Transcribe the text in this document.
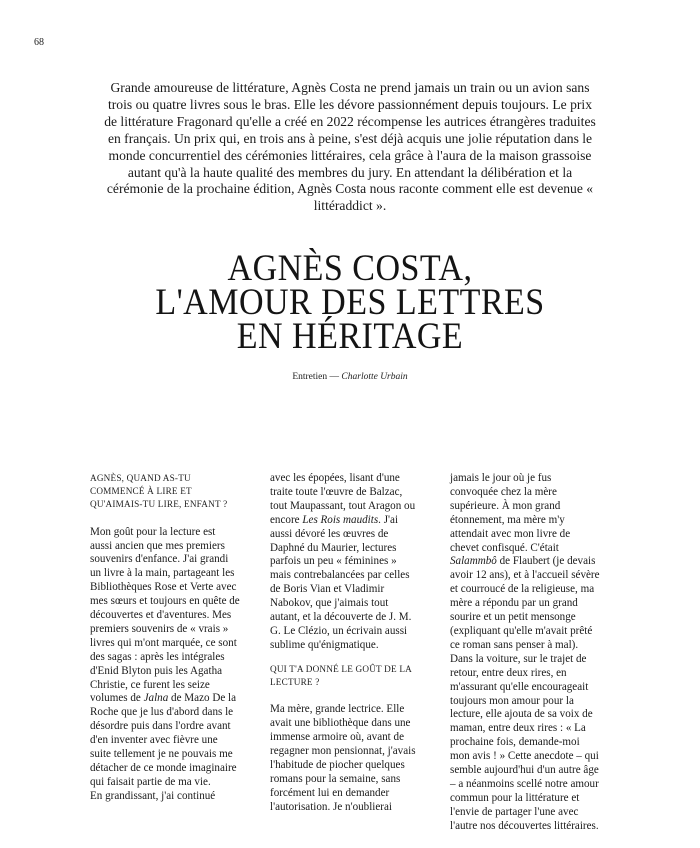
68

Grande amoureuse de littérature, Agnès Costa ne prend jamais un train ou un avion sans trois ou quatre livres sous le bras. Elle les dévore passionnément depuis toujours. Le prix de littérature Fragonard qu'elle a créé en 2022 récompense les autrices étrangères traduites en français. Un prix qui, en trois ans à peine, s'est déjà acquis une jolie réputation dans le monde concurrentiel des cérémonies littéraires, cela grâce à l'aura de la maison grassoise autant qu'à la haute qualité des membres du jury. En attendant la délibération et la cérémonie de la prochaine édition, Agnès Costa nous raconte comment elle est devenue « littéraddict ».

AGNÈS COSTA,
L'AMOUR DES LETTRES
EN HÉRITAGE
Entretien — Charlotte Urbain

AGNÈS, QUAND AS-TU COMMENCÉ À LIRE ET QU'AIMAIS-TU LIRE, ENFANT ?

Mon goût pour la lecture est aussi ancien que mes premiers souvenirs d'enfance. J'ai grandi un livre à la main, partageant les Bibliothèques Rose et Verte avec mes sœurs et toujours en quête de découvertes et d'aventures. Mes premiers souvenirs de « vrais » livres qui m'ont marquée, ce sont des sagas : après les intégrales d'Enid Blyton puis les Agatha Christie, ce furent les seize volumes de Jalna de Mazo De la Roche que je lus d'abord dans le désordre puis dans l'ordre avant d'en inventer avec fièvre une suite tellement je ne pouvais me détacher de ce monde imaginaire qui faisait partie de ma vie.

En grandissant, j'ai continué

avec les épopées, lisant d'une traite toute l'œuvre de Balzac, tout Maupassant, tout Aragon ou encore Les Rois maudits. J'ai aussi dévoré les œuvres de Daphné du Maurier, lectures parfois un peu « féminines » mais contrebalancées par celles de Boris Vian et Vladimir Nabokov, que j'aimais tout autant, et la découverte de J. M. G. Le Clézio, un écrivain aussi sublime qu'énigmatique.

QUI T'A DONNÉ LE GOÛT DE LA LECTURE ?

Ma mère, grande lectrice. Elle avait une bibliothèque dans une immense armoire où, avant de regagner mon pensionnat, j'avais l'habitude de piocher quelques romans pour la semaine, sans forcément lui en demander l'autorisation. Je n'oublierai

jamais le jour où je fus convoquée chez la mère supérieure. À mon grand étonnement, ma mère m'y attendait avec mon livre de chevet confisqué. C'était Salammbô de Flaubert (je devais avoir 12 ans), et à l'accueil sévère et courroucé de la religieuse, ma mère a répondu par un grand sourire et un petit mensonge (expliquant qu'elle m'avait prêté ce roman sans penser à mal). Dans la voiture, sur le trajet de retour, entre deux rires, en m'assurant qu'elle encourageait toujours mon amour pour la lecture, elle ajouta de sa voix de maman, entre deux rires : « La prochaine fois, demande-moi mon avis ! » Cette anecdote – qui semble aujourd'hui d'un autre âge – a néanmoins scellé notre amour commun pour la littérature et l'envie de partager l'une avec l'autre nos découvertes littéraires.
